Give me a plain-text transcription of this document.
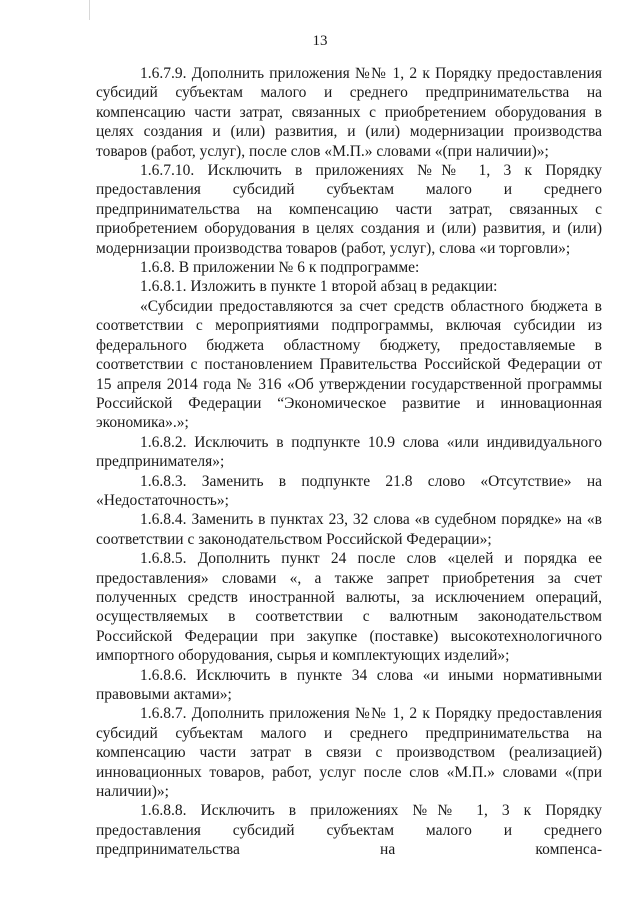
13

1.6.7.9. Дополнить приложения №№ 1, 2 к Порядку предоставления субсидий субъектам малого и среднего предпринимательства на компенсацию части затрат, связанных с приобретением оборудования в целях создания и (или) развития, и (или) модернизации производства товаров (работ, услуг), после слов «М.П.» словами «(при наличии)»;

1.6.7.10. Исключить в приложениях №№ 1, 3 к Порядку предоставления субсидий субъектам малого и среднего предпринимательства на компенсацию части затрат, связанных с приобретением оборудования в целях создания и (или) развития, и (или) модернизации производства товаров (работ, услуг), слова «и торговли»;

1.6.8. В приложении № 6 к подпрограмме:

1.6.8.1. Изложить в пункте 1 второй абзац в редакции:

«Субсидии предоставляются за счет средств областного бюджета в соответствии с мероприятиями подпрограммы, включая субсидии из федерального бюджета областному бюджету, предоставляемые в соответствии с постановлением Правительства Российской Федерации от 15 апреля 2014 года № 316 «Об утверждении государственной программы Российской Федерации “Экономическое развитие и инновационная экономика».»;

1.6.8.2. Исключить в подпункте 10.9 слова «или индивидуального предпринимателя»;

1.6.8.3. Заменить в подпункте 21.8 слово «Отсутствие» на «Недостаточность»;

1.6.8.4. Заменить в пунктах 23, 32 слова «в судебном порядке» на «в соответствии с законодательством Российской Федерации»;

1.6.8.5. Дополнить пункт 24 после слов «целей и порядка ее предоставления» словами «, а также запрет приобретения за счет полученных средств иностранной валюты, за исключением операций, осуществляемых в соответствии с валютным законодательством Российской Федерации при закупке (поставке) высокотехнологичного импортного оборудования, сырья и комплектующих изделий»;

1.6.8.6. Исключить в пункте 34 слова «и иными нормативными правовыми актами»;

1.6.8.7. Дополнить приложения №№ 1, 2 к Порядку предоставления субсидий субъектам малого и среднего предпринимательства на компенсацию части затрат в связи с производством (реализацией) инновационных товаров, работ, услуг после слов «М.П.» словами «(при наличии)»;

1.6.8.8. Исключить в приложениях №№ 1, 3 к Порядку предоставления субсидий субъектам малого и среднего предпринимательства на компенса-
